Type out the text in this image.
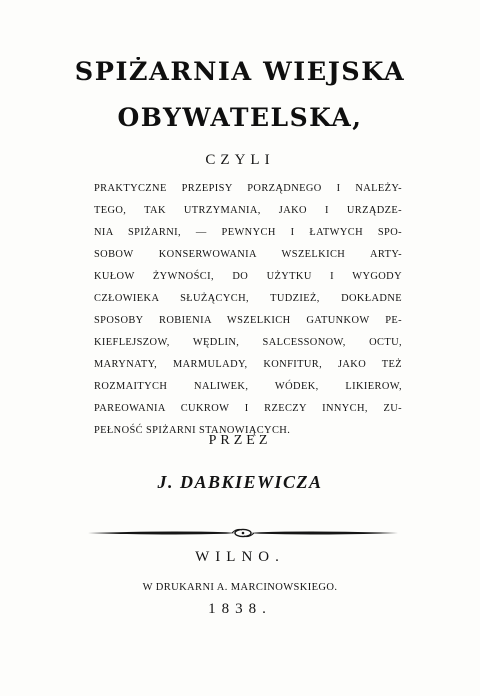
SPIŻARNIA WIEJSKA
OBYWATELSKA,
CZYLI
PRAKTYCZNE PRZEPISY PORZĄDNEGO I NALEŻY-
TEGO, TAK UTRZYMANIA, JAKO I URZĄDZE-
NIA SPIŻARNI, — PEWNYCH I ŁATWYCH SPO-
SOBOW KONSERWOWANIA WSZELKICH ARTY-
KUŁOW ŻYWNOŚCI, DO UŻYTKU I WYGODY
CZŁOWIEKA SŁUŻĄCYCH, TUDZIEŻ, DOKŁADNE
SPOSOBY ROBIENIA WSZELKICH GATUNKOW PE-
KIEFLEJSZOW, WĘDLIN, SALCESSONOW, OCTU,
MARYNATY, MARMULADY, KONFITUR, JAKO TEŻ
ROZMAITYCH NALIWEK, WÓDEK, LIKIEROW,
PAREOWANIA CUKROW I RZECZY INNYCH, ZU-
PEŁNOŚĆ SPIŻARNI STANOWIĄCYCH.
PRZEZ
J. DABKIEWICZA
WILNO.
W DRUKARNI A. MARCINOWSKIEGO.
1838.
